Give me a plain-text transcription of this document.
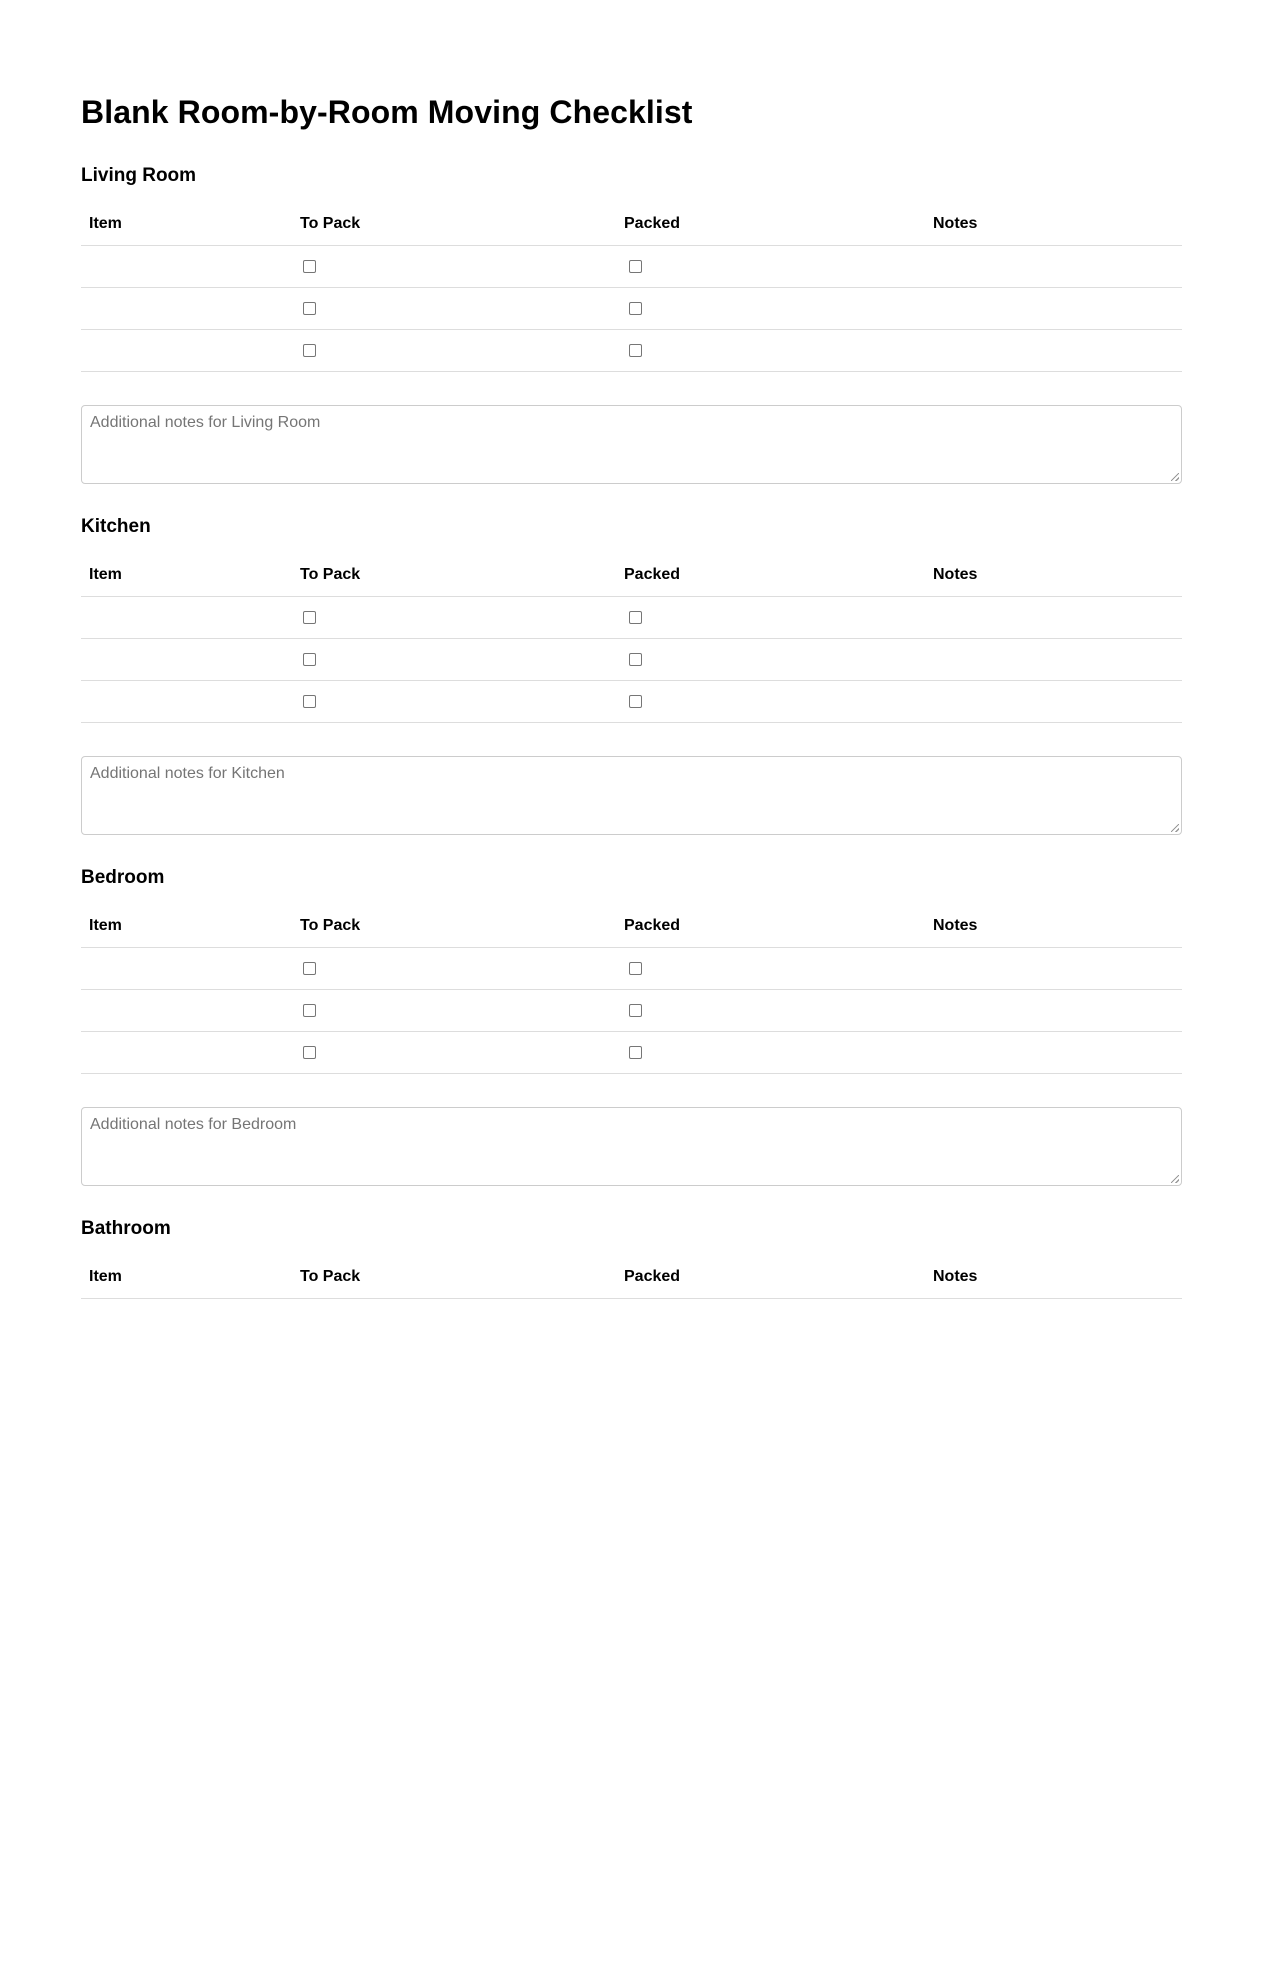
Blank Room-by-Room Moving Checklist
Living Room
Item	To Pack	Packed	Notes

Additional notes for Living Room
Kitchen
Item	To Pack	Packed	Notes

Additional notes for Kitchen
Bedroom
Item	To Pack	Packed	Notes

Additional notes for Bedroom
Bathroom
Item	To Pack	Packed	Notes
